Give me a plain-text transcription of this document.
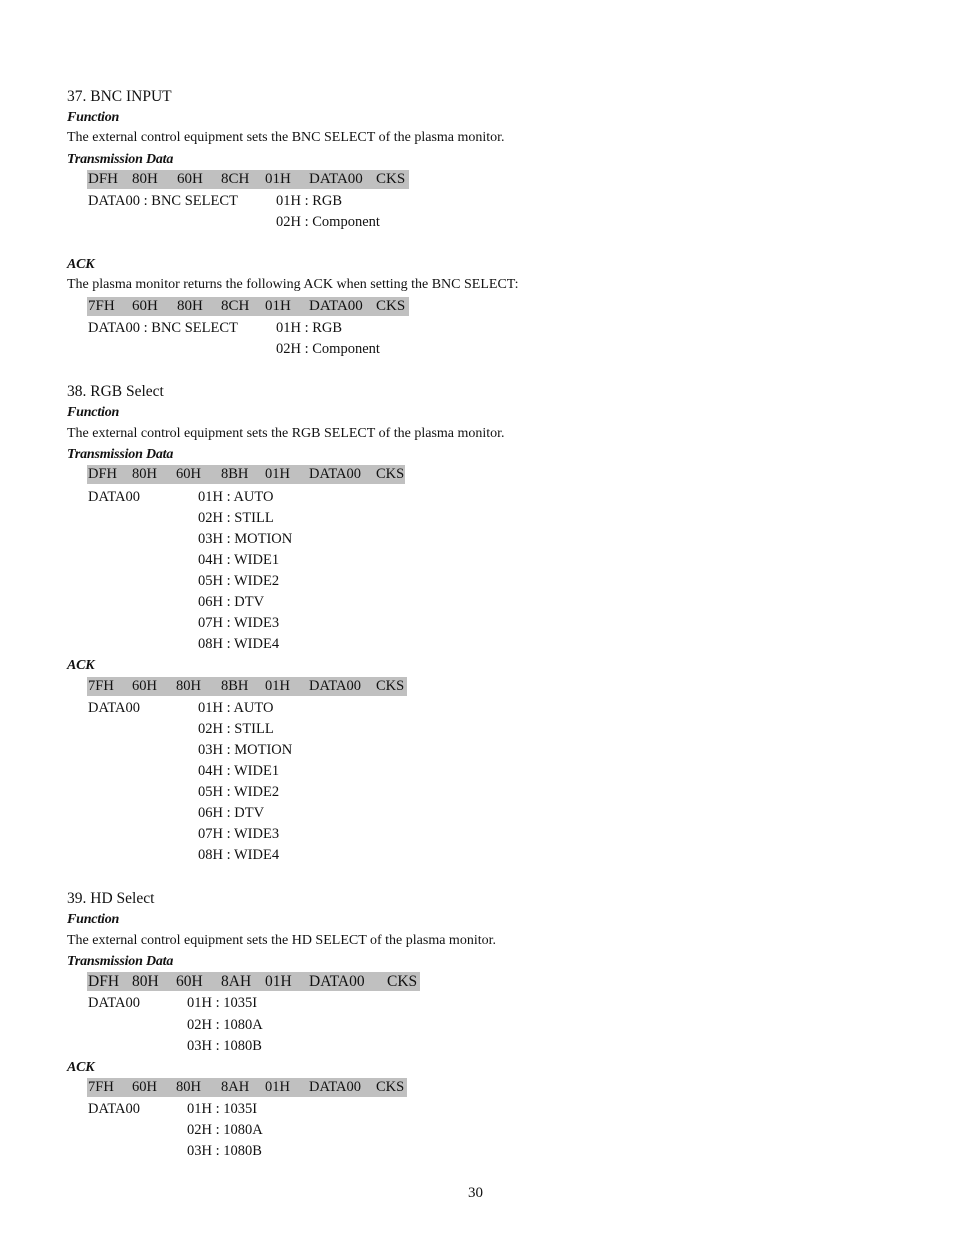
37. BNC INPUT
Function
The external control equipment sets the BNC SELECT of the plasma monitor.
Transmission Data
DFH 80H 60H 8CH 01H DATA00 CKS
DATA00 : BNC SELECT	01H : RGB
02H : Component
ACK
The plasma monitor returns the following ACK when setting the BNC SELECT:
7FH 60H 80H 8CH 01H DATA00 CKS
DATA00 : BNC SELECT	01H : RGB
02H : Component
38. RGB Select
Function
The external control equipment sets the RGB SELECT of the plasma monitor.
Transmission Data
DFH 80H 60H 8BH 01H DATA00 CKS
DATA00	01H : AUTO
02H : STILL
03H : MOTION
04H : WIDE1
05H : WIDE2
06H : DTV
07H : WIDE3
08H : WIDE4
ACK
7FH 60H 80H 8BH 01H DATA00 CKS
DATA00	01H : AUTO
02H : STILL
03H : MOTION
04H : WIDE1
05H : WIDE2
06H : DTV
07H : WIDE3
08H : WIDE4
39. HD Select
Function
The external control equipment sets the HD SELECT of the plasma monitor.
Transmission Data
DFH 80H 60H 8AH 01H DATA00 CKS
DATA00	01H : 1035I
02H : 1080A
03H : 1080B
ACK
7FH 60H 80H 8AH 01H DATA00 CKS
DATA00	01H : 1035I
02H : 1080A
03H : 1080B
30
